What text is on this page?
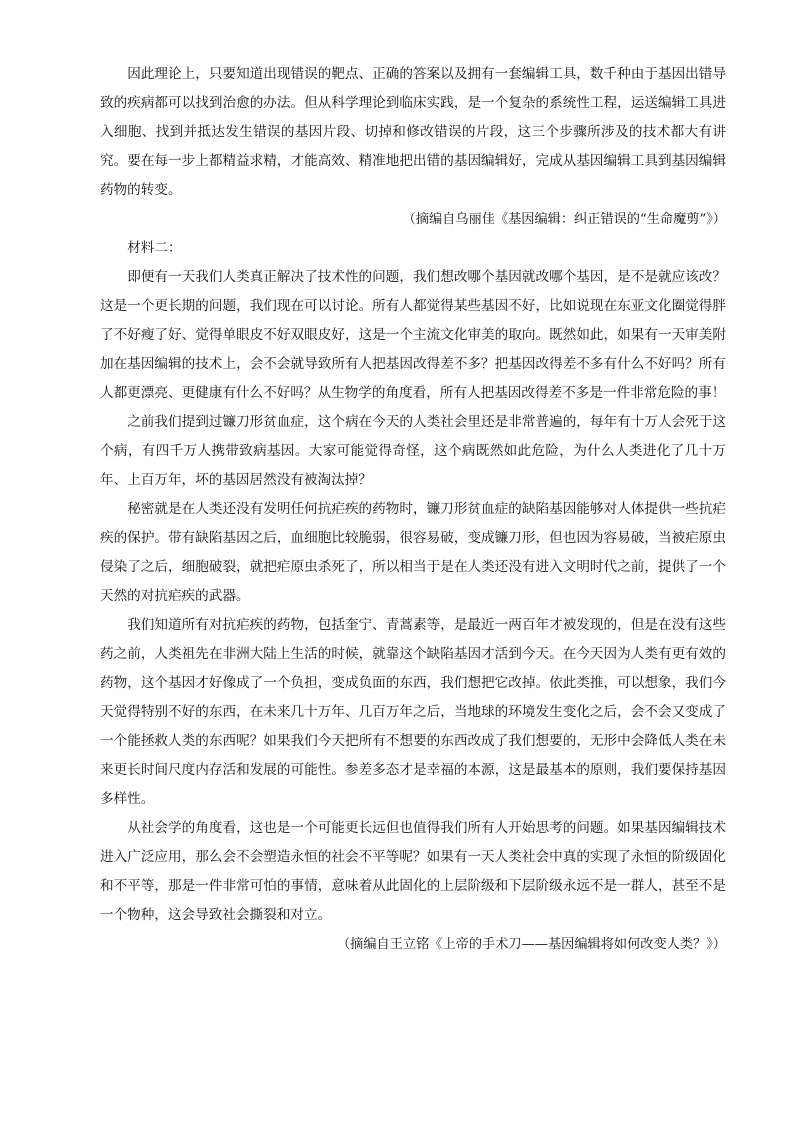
因此理论上，只要知道出现错误的靶点、正确的答案以及拥有一套编辑工具，数千种由于基因出错导致的疾病都可以找到治愈的办法。但从科学理论到临床实践，是一个复杂的系统性工程，运送编辑工具进入细胞、找到并抵达发生错误的基因片段、切掉和修改错误的片段，这三个步骤所涉及的技术都大有讲究。要在每一步上都精益求精，才能高效、精准地把出错的基因编辑好，完成从基因编辑工具到基因编辑药物的转变。

（摘编自乌丽佳《基因编辑：纠正错误的“生命魔剪”》）

材料二：

即便有一天我们人类真正解决了技术性的问题，我们想改哪个基因就改哪个基因，是不是就应该改？这是一个更长期的问题，我们现在可以讨论。所有人都觉得某些基因不好，比如说现在东亚文化圈觉得胖了不好瘦了好、觉得单眼皮不好双眼皮好，这是一个主流文化审美的取向。既然如此，如果有一天审美附加在基因编辑的技术上，会不会就导致所有人把基因改得差不多？把基因改得差不多有什么不好吗？所有人都更漂亮、更健康有什么不好吗？从生物学的角度看，所有人把基因改得差不多是一件非常危险的事！

之前我们提到过镰刀形贫血症，这个病在今天的人类社会里还是非常普遍的，每年有十万人会死于这个病，有四千万人携带致病基因。大家可能觉得奇怪，这个病既然如此危险，为什么人类进化了几十万年、上百万年，坏的基因居然没有被淘汰掉？

秘密就是在人类还没有发明任何抗疟疾的药物时，镰刀形贫血症的缺陷基因能够对人体提供一些抗疟疾的保护。带有缺陷基因之后，血细胞比较脆弱，很容易破，变成镰刀形，但也因为容易破，当被疟原虫侵染了之后，细胞破裂，就把疟原虫杀死了，所以相当于是在人类还没有进入文明时代之前，提供了一个天然的对抗疟疾的武器。

我们知道所有对抗疟疾的药物，包括奎宁、青蒿素等，是最近一两百年才被发现的，但是在没有这些药之前，人类祖先在非洲大陆上生活的时候，就靠这个缺陷基因才活到今天。在今天因为人类有更有效的药物，这个基因才好像成了一个负担，变成负面的东西，我们想把它改掉。依此类推，可以想象，我们今天觉得特别不好的东西，在未来几十万年、几百万年之后，当地球的环境发生变化之后，会不会又变成了一个能拯救人类的东西呢？如果我们今天把所有不想要的东西改成了我们想要的，无形中会降低人类在未来更长时间尺度内存活和发展的可能性。参差多态才是幸福的本源，这是最基本的原则，我们要保持基因多样性。

从社会学的角度看，这也是一个可能更长远但也值得我们所有人开始思考的问题。如果基因编辑技术进入广泛应用，那么会不会塑造永恒的社会不平等呢？如果有一天人类社会中真的实现了永恒的阶级固化和不平等，那是一件非常可怕的事情，意味着从此固化的上层阶级和下层阶级永远不是一群人，甚至不是一个物种，这会导致社会撕裂和对立。

（摘编自王立铭《上帝的手术刀——基因编辑将如何改变人类？》）
